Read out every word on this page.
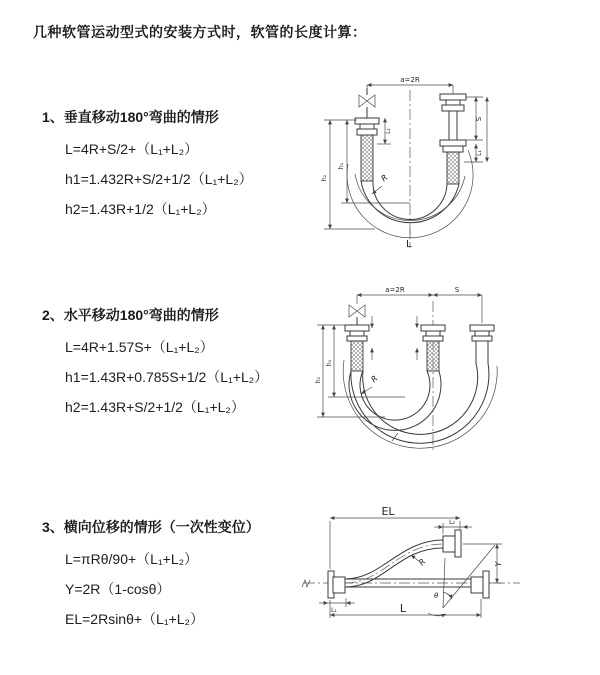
几种软管运动型式的安装方式时，软管的长度计算：
1、垂直移动180°弯曲的情形
L=4R+S/2+（L₁+L₂）
h1=1.432R+S/2+1/2（L₁+L₂）
h2=1.43R+1/2（L₁+L₂）
a=2R
h₁
h₂
L₁
S
L₁
R
L
2、水平移动180°弯曲的情形
L=4R+1.57S+（L₁+L₂）
h1=1.43R+0.785S+1/2（L₁+L₂）
h2=1.43R+S/2+1/2（L₁+L₂）
a=2R	S
h₁
h₂	R
3、横向位移的情形（一次性变位）
L=πRθ/90+（L₁+L₂）
Y=2R（1-cosθ）
EL=2Rsinθ+（L₁+L₂）
EL
L₂
Y
L
L₁
R
θ
